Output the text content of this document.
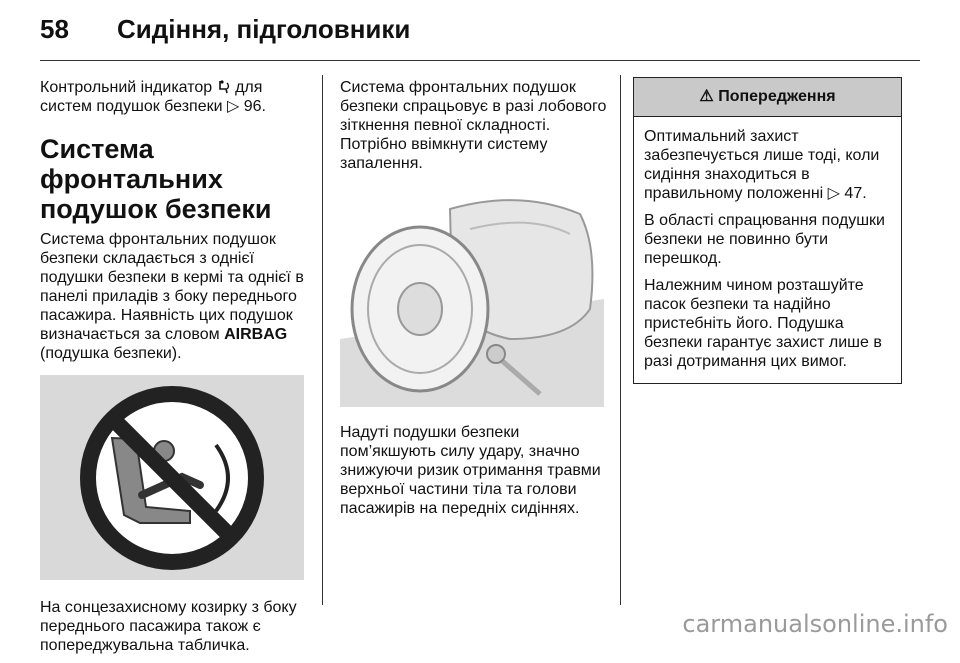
58 Сидіння, підголовники

Контрольний індикатор для систем подушок безпеки ▷ 96.

Система фронтальних подушок безпеки

Система фронтальних подушок безпеки складається з однієї подушки безпеки в кермі та однієї в панелі приладів з боку переднього пасажира. Наявність цих подушок визначається за словом AIRBAG (подушка безпеки).

На сонцезахисному козирку з боку переднього пасажира також є попереджувальна табличка.

Система фронтальних подушок безпеки спрацьовує в разі лобового зіткнення певної складності. Потрібно ввімкнути систему запалення.

Надуті подушки безпеки пом’якшують силу удару, значно знижуючи ризик отримання травми верхньої частини тіла та голови пасажирів на передніх сидіннях.

⚠ Попередження

Оптимальний захист забезпечується лише тоді, коли сидіння знаходиться в правильному положенні ▷ 47.

В області спрацювання подушки безпеки не повинно бути перешкод.

Належним чином розташуйте пасок безпеки та надійно пристебніть його. Подушка безпеки гарантує захист лише в разі дотримання цих вимог.

carmanualsonline.info
